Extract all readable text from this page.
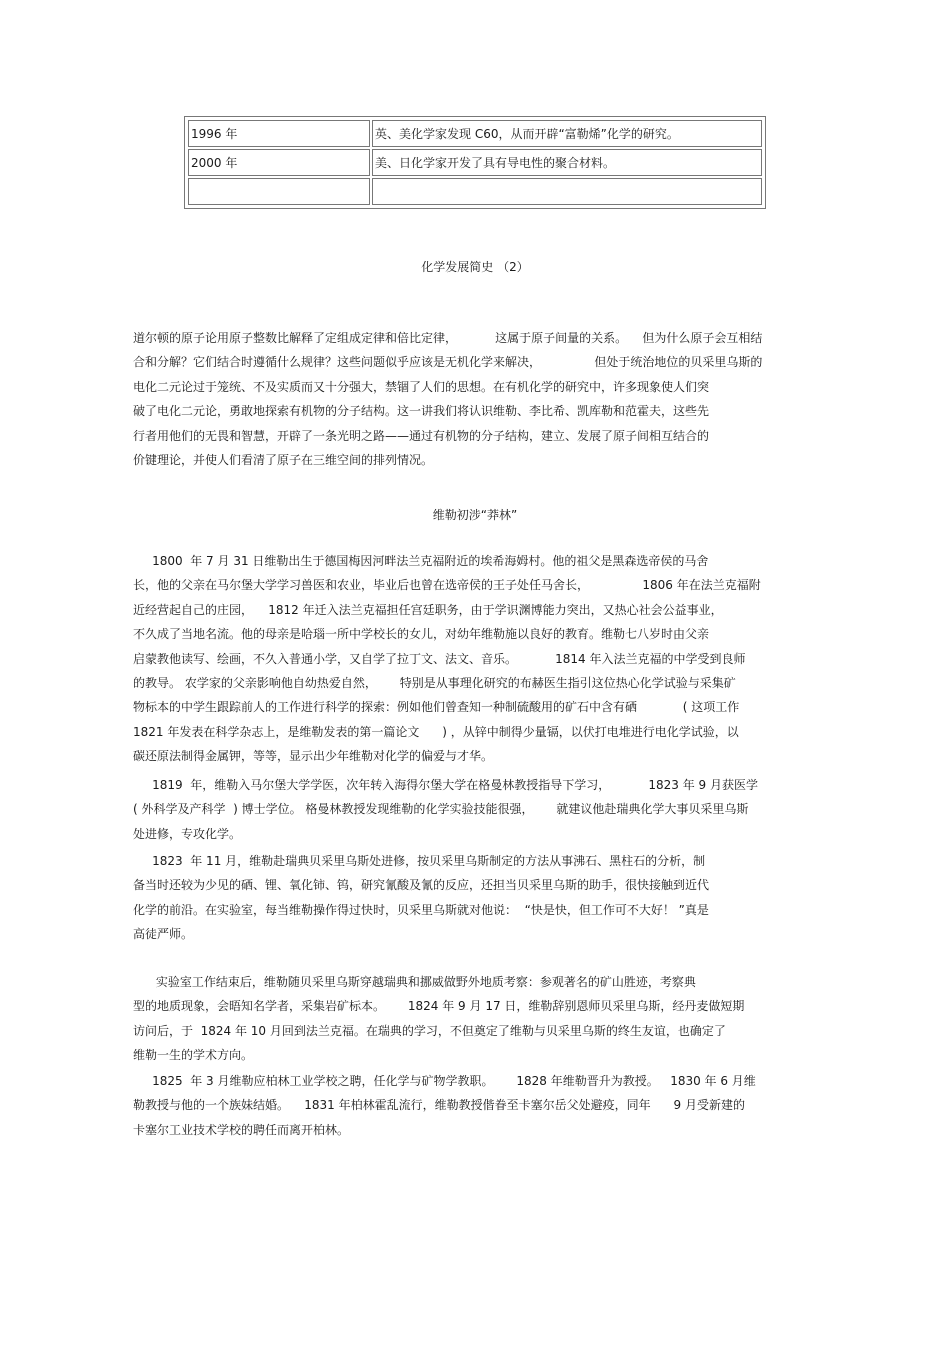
1996 年	英、美化学家发现 C60，从而开辟“富勒烯”化学的研究。
2000 年	美、日化学家开发了具有导电性的聚合材料。

化学发展简史 （2）
道尔顿的原子论用原子整数比解释了定组成定律和倍比定律，          这属于原子间量的关系。    但为什么原子会互相结
合和分解？它们结合时遵循什么规律？这些问题似乎应该是无机化学来解决，              但处于统治地位的贝采里乌斯的
电化二元论过于笼统、不及实质而又十分强大，禁锢了人们的思想。在有机化学的研究中，许多现象使人们突
破了电化二元论，勇敢地探索有机物的分子结构。这一讲我们将认识维勒、李比希、凯库勒和范霍夫，这些先
行者用他们的无畏和智慧，开辟了一条光明之路——通过有机物的分子结构，建立、发展了原子间相互结合的
价键理论，并使人们看清了原子在三维空间的排列情况。
维勒初涉“莽林”
1800  年 7 月 31 日维勒出生于德国梅因河畔法兰克福附近的埃希海姆村。他的祖父是黑森选帝侯的马舍
长，他的父亲在马尔堡大学学习兽医和农业，毕业后也曾在选帝侯的王子处任马舍长，              1806 年在法兰克福附
近经营起自己的庄园，    1812 年迁入法兰克福担任宫廷职务，由于学识渊博能力突出，又热心社会公益事业，
不久成了当地名流。他的母亲是哈瑙一所中学校长的女儿，对幼年维勒施以良好的教育。维勒七八岁时由父亲
启蒙教他读写、绘画，不久入普通小学，又自学了拉丁文、法文、音乐。          1814 年入法兰克福的中学受到良师
的教导。 农学家的父亲影响他自幼热爱自然，      特别是从事理化研究的布赫医生指引这位热心化学试验与采集矿
物标本的中学生跟踪前人的工作进行科学的探索：例如他们曾查知一种制硫酸用的矿石中含有硒            ( 这项工作
1821 年发表在科学杂志上，是维勒发表的第一篇论文      ) ，从锌中制得少量镉，以伏打电堆进行电化学试验，以
碳还原法制得金属钾，等等，显示出少年维勒对化学的偏爱与才华。
1819  年，维勒入马尔堡大学学医，次年转入海得尔堡大学在格曼林教授指导下学习，          1823 年 9 月获医学
( 外科学及产科学  ) 博士学位。 格曼林教授发现维勒的化学实验技能很强，      就建议他赴瑞典化学大事贝采里乌斯
处进修，专攻化学。
1823  年 11 月，维勒赴瑞典贝采里乌斯处进修，按贝采里乌斯制定的方法从事沸石、黑柱石的分析，制
备当时还较为少见的硒、锂、氧化铈、钨，研究氰酸及氰的反应，还担当贝采里乌斯的助手，很快接触到近代
化学的前沿。在实验室，每当维勒操作得过快时，贝采里乌斯就对他说：  “快是快，但工作可不大好！ ”真是
高徒严师。
实验室工作结束后，维勒随贝采里乌斯穿越瑞典和挪威做野外地质考察：参观著名的矿山胜迹，考察典
型的地质现象，会晤知名学者，采集岩矿标本。      1824 年 9 月 17 日，维勒辞别恩师贝采里乌斯，经丹麦做短期
访问后，于  1824 年 10 月回到法兰克福。在瑞典的学习，不但奠定了维勒与贝采里乌斯的终生友谊，也确定了
维勒一生的学术方向。
1825  年 3 月维勒应柏林工业学校之聘，任化学与矿物学教职。      1828 年维勒晋升为教授。   1830 年 6 月维
勒教授与他的一个族妹结婚。    1831 年柏林霍乱流行，维勒教授偕眷至卡塞尔岳父处避疫，同年      9 月受新建的
卡塞尔工业技术学校的聘任而离开柏林。
